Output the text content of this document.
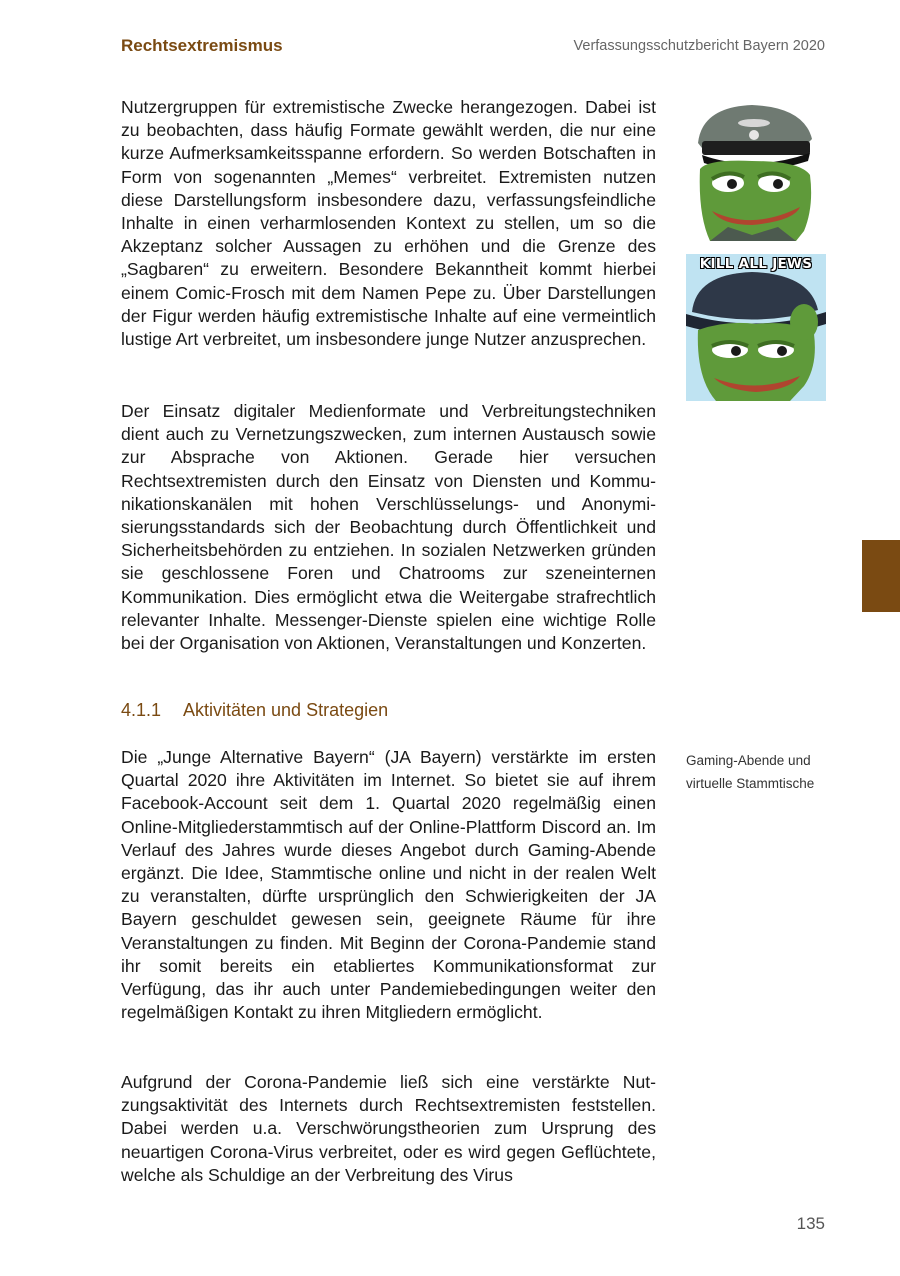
Rechtsextremismus	Verfassungsschutzbericht Bayern 2020

Nutzergruppen für extremistische Zwecke herangezogen. Dabei ist zu beobachten, dass häufig Formate gewählt werden, die nur eine kurze Aufmerksamkeitsspanne erfordern. So werden Botschaften in Form von sogenannten „Memes“ verbreitet. Extremisten nutzen diese Darstellungsform insbesondere dazu, verfassungsfeindliche Inhalte in einen verharmlosenden Kontext zu stellen, um so die Akzeptanz solcher Aussagen zu erhöhen und die Grenze des „Sagbaren“ zu erweitern. Besondere Bekanntheit kommt hierbei einem Comic-Frosch mit dem Namen Pepe zu. Über Darstellungen der Figur werden häufig extremistische Inhalte auf eine vermeintlich lustige Art verbreitet, um insbesondere junge Nutzer anzusprechen.

Der Einsatz digitaler Medienformate und Verbreitungstechniken dient auch zu Vernetzungszwecken, zum internen Austausch sowie zur Absprache von Aktionen. Gerade hier versuchen Rechtsextremisten durch den Einsatz von Diensten und Kommunikationskanälen mit hohen Verschlüsselungs- und Anonymisierungsstandards sich der Beobachtung durch Öffentlichkeit und Sicherheitsbehörden zu entziehen. In sozialen Netzwerken gründen sie geschlossene Foren und Chatrooms zur szeneinternen Kommunikation. Dies ermöglicht etwa die Weitergabe strafrechtlich relevanter Inhalte. Messenger-Dienste spielen eine wichtige Rolle bei der Organisation von Aktionen, Veranstaltungen und Konzerten.

4.1.1	Aktivitäten und Strategien

Die „Junge Alternative Bayern“ (JA Bayern) verstärkte im ersten Quartal 2020 ihre Aktivitäten im Internet. So bietet sie auf ihrem Facebook-Account seit dem 1. Quartal 2020 regelmäßig einen Online-Mitgliederstammtisch auf der Online-Plattform Discord an. Im Verlauf des Jahres wurde dieses Angebot durch Gaming-Abende ergänzt. Die Idee, Stammtische online und nicht in der realen Welt zu veranstalten, dürfte ursprünglich den Schwierigkeiten der JA Bayern geschuldet gewesen sein, geeignete Räume für ihre Veranstaltungen zu finden. Mit Beginn der Corona-Pandemie stand ihr somit bereits ein etabliertes Kommunikationsformat zur Verfügung, das ihr auch unter Pandemiebedingungen weiter den regelmäßigen Kontakt zu ihren Mitgliedern ermöglicht.

Aufgrund der Corona-Pandemie ließ sich eine verstärkte Nutzungsaktivität des Internets durch Rechtsextremisten feststellen. Dabei werden u.a. Verschwörungstheorien zum Ursprung des neuartigen Corona-Virus verbreitet, oder es wird gegen Geflüchtete, welche als Schuldige an der Verbreitung des Virus

Gaming-Abende und virtuelle Stammtische
KILL ALL JEWS
135
